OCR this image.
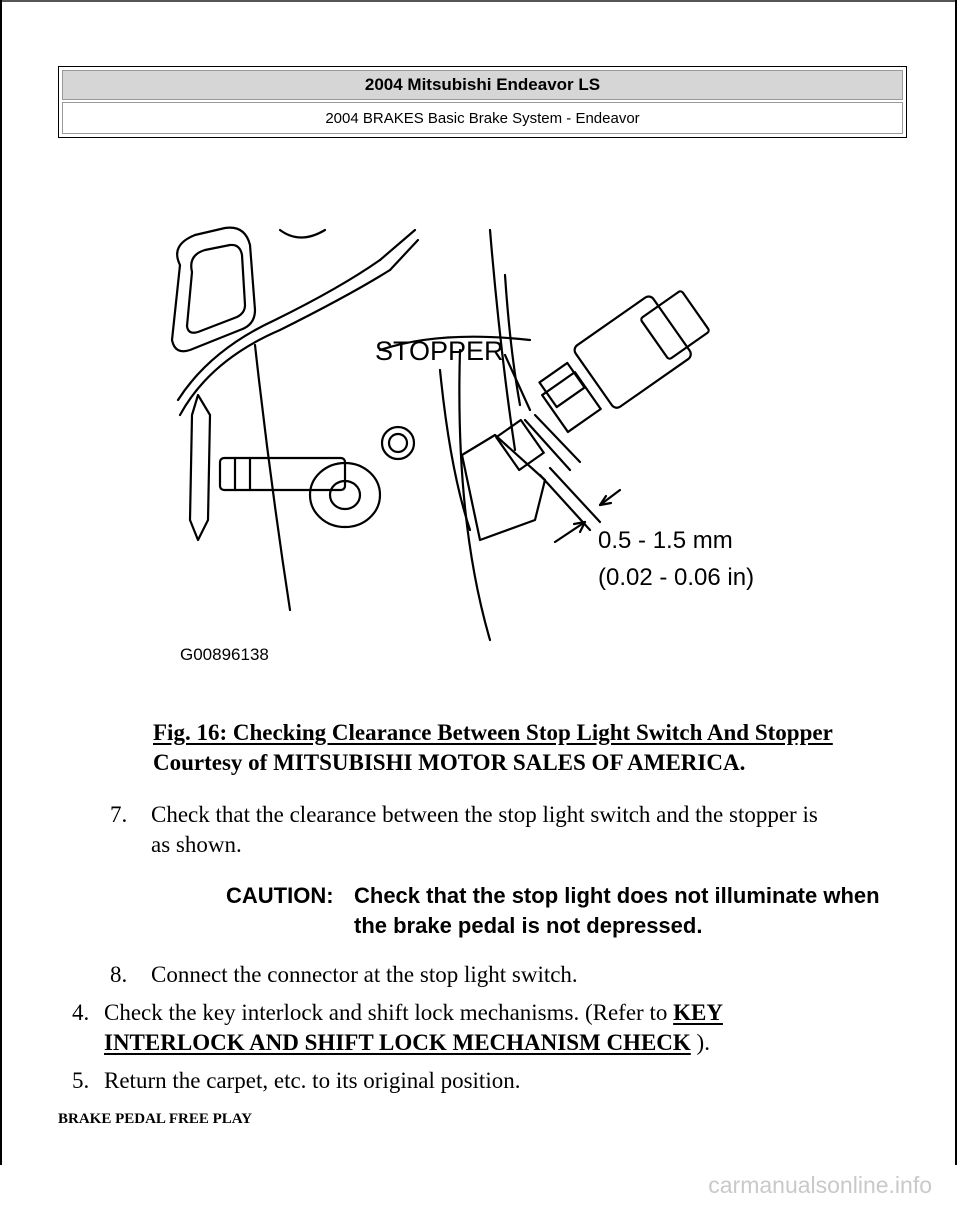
2004 Mitsubishi Endeavor LS
2004 BRAKES Basic Brake System - Endeavor
STOPPER
0.5 - 1.5 mm
(0.02 - 0.06 in)
G00896138
Fig. 16: Checking Clearance Between Stop Light Switch And Stopper
Courtesy of MITSUBISHI MOTOR SALES OF AMERICA.
7. Check that the clearance between the stop light switch and the stopper is
as shown.
CAUTION: Check that the stop light does not illuminate when the brake pedal is not depressed.
8. Connect the connector at the stop light switch.
4. Check the key interlock and shift lock mechanisms. (Refer to KEY INTERLOCK AND SHIFT LOCK MECHANISM CHECK ).
5. Return the carpet, etc. to its original position.
BRAKE PEDAL FREE PLAY
carmanualsonline.info
